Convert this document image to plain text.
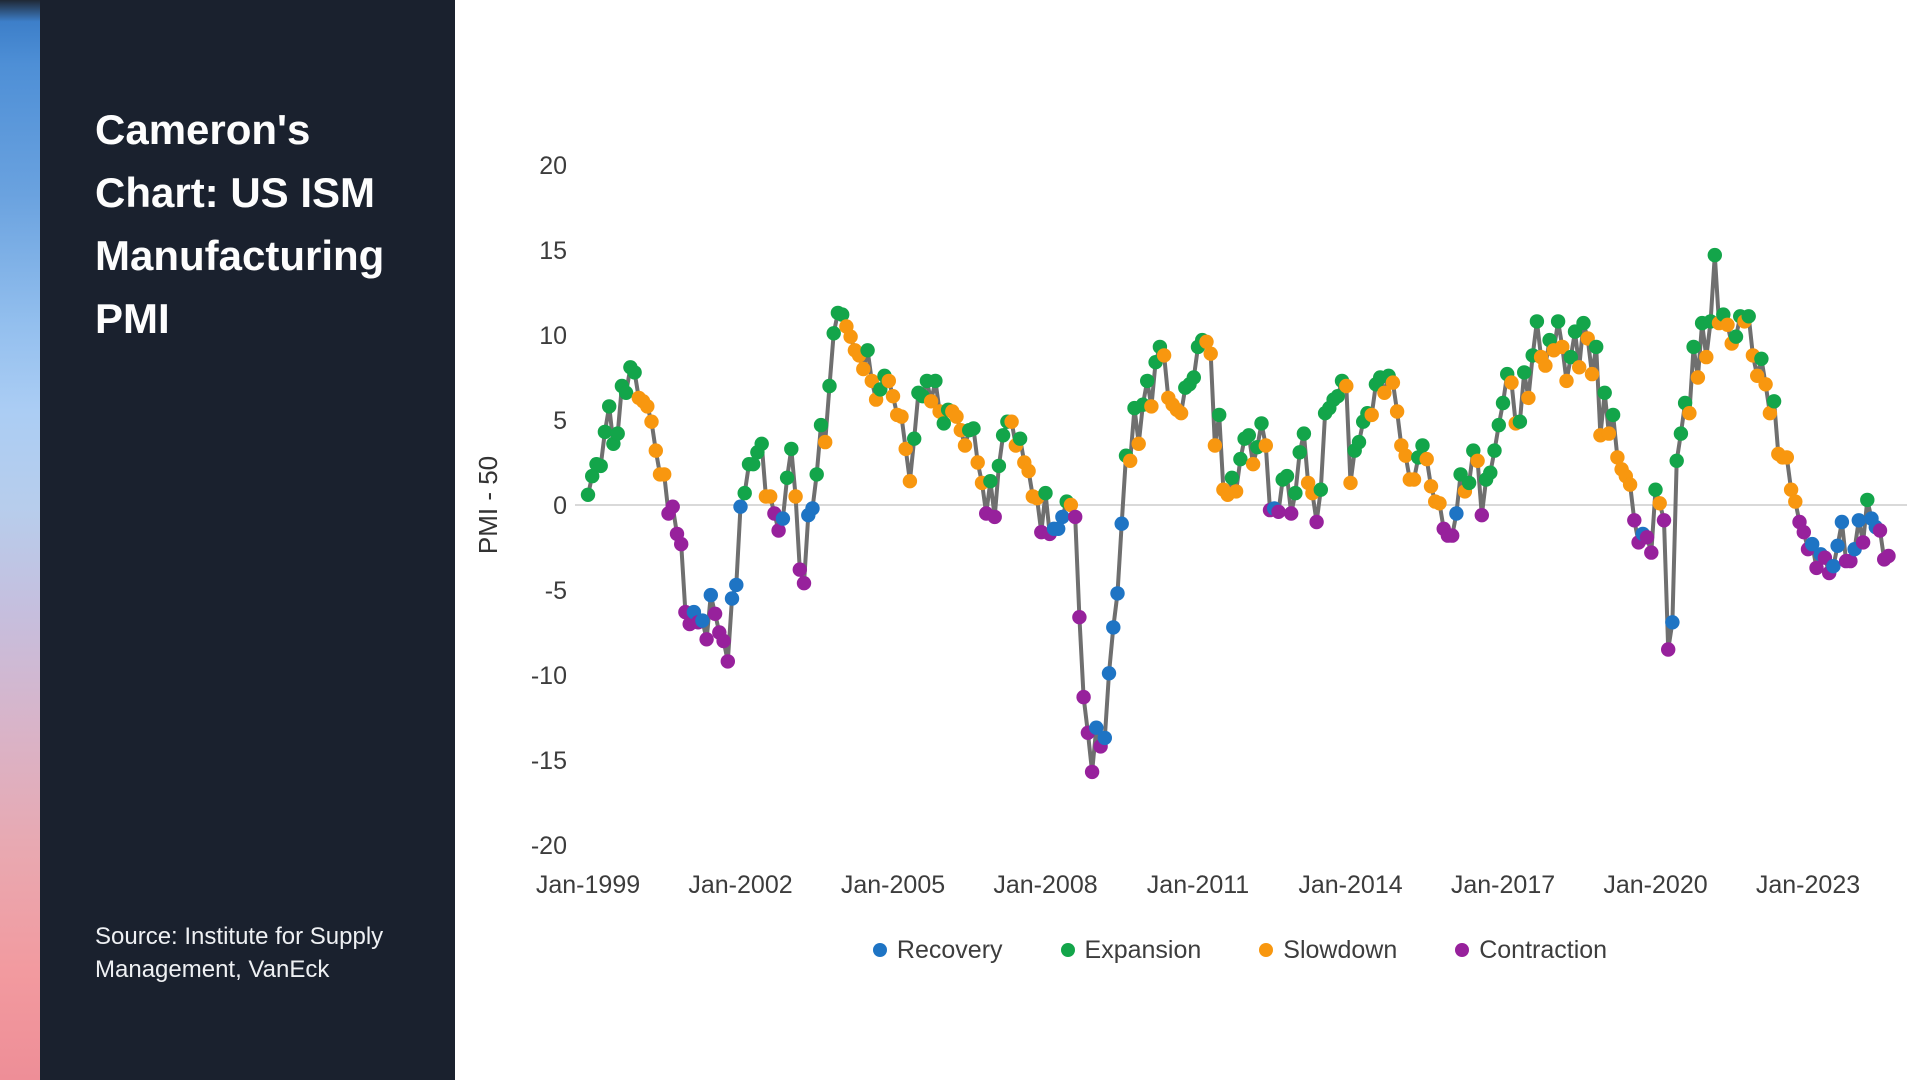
Cameron's Chart: US ISM Manufacturing PMI
Source: Institute for Supply
Management, VanEck
20
15
10
5
0
-5
-10
-15
-20
PMI - 50
Jan-1999 Jan-2002 Jan-2005 Jan-2008 Jan-2011 Jan-2014 Jan-2017 Jan-2020 Jan-2023
Recovery	Expansion	Slowdown	Contraction
